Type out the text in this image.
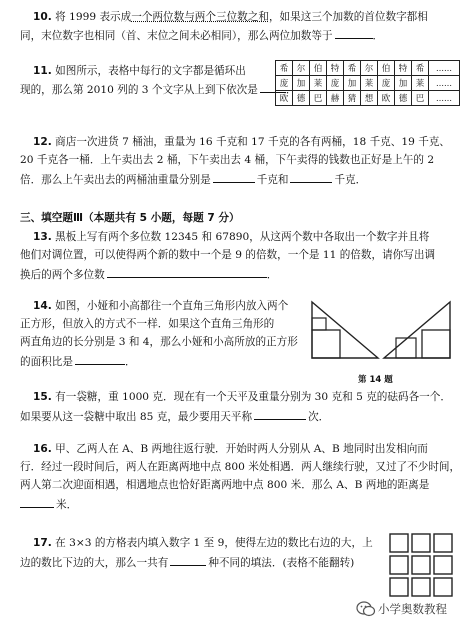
10. 将 1999 表示成一个两位数与两个三位数之和，如果这三个加数的首位数字都相
同，末位数字也相同（首、末位之间未必相同），那么两位加数等于	．
11. 如图所示，表格中每行的文字都是循环出
现的，那么第 2010 列的 3 个文字从上到下依次是	．
希	尔	伯	特	希	尔	伯	特	希	……
庞	加	莱	庞	加	莱	庞	加	莱	……
欧	德	巴	赫	猜	想	欧	德	巴	……
12. 商店一次进货 7 桶油，重量为 16 千克和 17 千克的各有两桶，18 千克、19 千克、
20 千克各一桶．上午卖出去 2 桶，下午卖出去 4 桶，下午卖得的钱数也正好是上午的 2
倍．那么上午卖出去的两桶油重量分别是	千克和	千克．
三、填空题Ⅲ（本题共有 5 小题，每题 7 分）
13. 黑板上写有两个多位数 12345 和 67890，从这两个数中各取出一个数字并且将
他们对调位置，可以使得两个新的数中一个是 9 的倍数，一个是 11 的倍数，请你写出调
换后的两个多位数	．
14. 如图，小娅和小高都往一个直角三角形内放入两个
正方形，但放入的方式不一样．如果这个直角三角形的
两直角边的长分别是 3 和 4，那么小娅和小高所放的正方形
的面积比是	．
第 14 题
15. 有一袋糖，重 1000 克．现在有一个天平及重量分别为 30 克和 5 克的砝码各一个．
如果要从这一袋糖中取出 85 克，最少要用天平称	次．
16. 甲、乙两人在 A、B 两地往返行驶．开始时两人分别从 A、B 地同时出发相向而
行．经过一段时间后，两人在距离两地中点 800 米处相遇．两人继续行驶，又过了不少时间，
两人第二次迎面相遇，相遇地点也恰好距离两地中点 800 米．那么 A、B 两地的距离是
米．
17. 在 3×3 的方格表内填入数字 1 至 9，使得左边的数比右边的大，上
边的数比下边的大，那么一共有	种不同的填法．(表格不能翻转)
小学奥数教程
